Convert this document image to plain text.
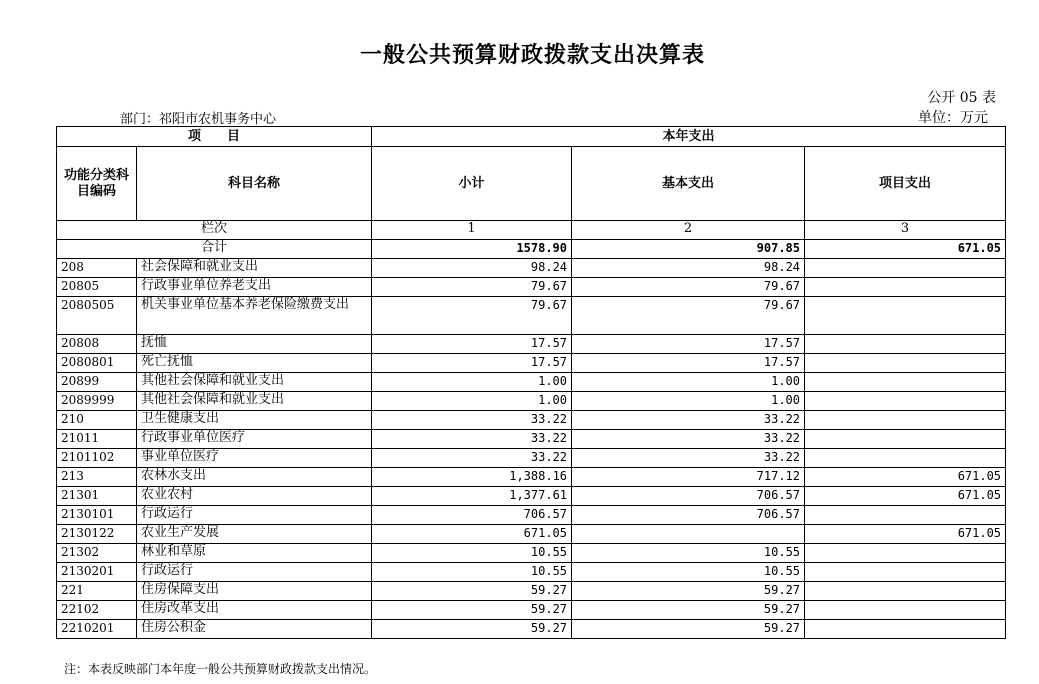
一般公共预算财政拨款支出决算表
公开 05 表
部门：祁阳市农机事务中心	单位：万元
项　　目		本年支出		
功能分类科目编码	科目名称	小计	基本支出	项目支出
栏次		1	2	3
合计		1578.90	907.85	671.05
208	社会保障和就业支出	98.24	98.24	
20805	行政事业单位养老支出	79.67	79.67	
2080505	机关事业单位基本养老保险缴费支出	79.67	79.67	
20808	抚恤	17.57	17.57	
2080801	死亡抚恤	17.57	17.57	
20899	其他社会保障和就业支出	1.00	1.00	
2089999	其他社会保障和就业支出	1.00	1.00	
210	卫生健康支出	33.22	33.22	
21011	行政事业单位医疗	33.22	33.22	
2101102	事业单位医疗	33.22	33.22	
213	农林水支出	1,388.16	717.12	671.05
21301	农业农村	1,377.61	706.57	671.05
2130101	行政运行	706.57	706.57	
2130122	农业生产发展	671.05		671.05
21302	林业和草原	10.55	10.55	
2130201	行政运行	10.55	10.55	
221	住房保障支出	59.27	59.27	
22102	住房改革支出	59.27	59.27	
2210201	住房公积金	59.27	59.27	
注：本表反映部门本年度一般公共预算财政拨款支出情况。
